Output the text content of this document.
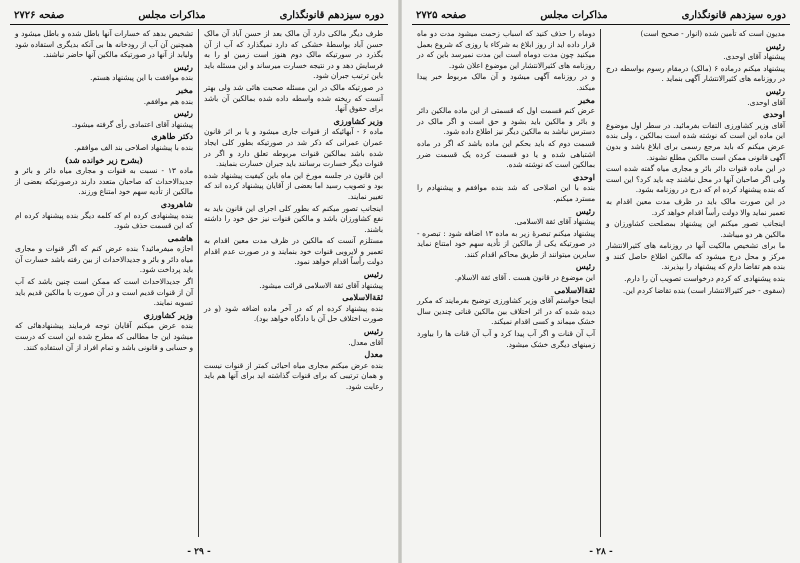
دوره سیزدهم قانونگذاری
مذاکرات مجلس
صفحه ۲۷۲۶

طرف دیگر مالکی دارد آن مالک بعد از حسن آباد آن مالک حسن آباد بواسطهٔ خشکی که دارد نمیگذارد که آب از آن بگذرد در سورتیکه مالک دوم هنوز است زمین او را به فرسایش دهد و در نتیجه خسارت میرساند و این مسئله باید باین ترتیب جبران شود.

در صورتیکه مالک در این مسئله صحبت هائی شد ولی بهتر آنست که ریخته شده واسطه داده شده بمالکین آن باشد برای حقوق آنها.

وزیر کشاورزی

ماده ۶ - آبهائیکه از قنوات جاری میشود و یا بر اثر قانون عمران عمرانی که ذکر شد در صورتیکه بطور کلی ایجاد شده باشد بمالکین قنوات مربوطه تعلق دارد و اگر در قنوات دیگر خسارت برسانند باید جبران خسارت بنمایند.

این قانون در جلسه مورخ این ماه باین کیفیت پیشنهاد شده بود و تصویب رسید اما بعضی از آقایان پیشنهاد کرده اند که تغییر نمایند.

اینجانب تصور میکنم که بطور کلی اجرای این قانون باید به نفع کشاورزان باشد و مالکین قنوات نیز حق خود را داشته باشند.

مستلزم آنست که مالکین در ظرف مدت معین اقدام به تعمیر و لایروبی قنوات خود بنمایند و در صورت عدم اقدام دولت رأساً اقدام خواهد نمود.

رئیس

پیشنهاد آقای ثقة الاسلامی قرائت میشود.

ثقةالاسلامی

بنده پیشنهاد کرده ام که در آخر ماده اضافه شود (و در صورت اختلاف حل آن با دادگاه خواهد بود).

رئیس

آقای معدل.

معدل

بنده عرض میکنم مجاری میاه احیائی کمتر از قنوات نیست و همان ترتیبی که برای قنوات گذاشته اید برای آنها هم باید رعایت شود.

تشخیص بدهد که خسارات آنها باطل شده و باطل میشود و همچنین آن آب از رودخانه ها بی آنکه بدیگری استفاده شود ولیابد از آنها در صورتیکه مالکین آنها حاضر نباشند.

رئیس

بنده موافقت با این پیشنهاد هستم.

مخبر

بنده هم موافقم.

رئیس

پیشنهاد آقای اعتمادی رأی گرفته میشود.

دکتر طاهری

بنده با پیشنهاد اصلاحی بند الف موافقم.

(بشرح زیر خوانده شد)

ماده ۱۳ - نسبت به قنوات و مجاری میاه دائر و بائر و جدیدالاحداث که صاحبان متعدد دارند درصورتیکه بعضی از مالکین از تأدیه سهم خود امتناع ورزند.

شاهرودی

بنده پیشنهادی کرده ام که کلمه دیگر بنده پیشنهاد کرده ام که این قسمت حذف شود.

هاشمی

اجازه میفرمائید؟ بنده عرض کنم که اگر قنوات و مجاری میاه دائر و بائر و جدیدالاحداث از بین رفته باشد خسارت آن باید پرداخت شود.

اگر جدیدالاحداث است که ممکن است چنین باشد که آب آن از قنوات قدیم است و در آن صورت با مالکین قدیم باید تسویه نمایند.

وزیر کشاورزی

بنده عرض میکنم آقایان توجه فرمایند پیشنهادهائی که میشود این جا مطالبی که مطرح شده این است که درست و حسابی و قانونی باشد و تمام افراد از آن استفاده کنند.

- ۲۹ -
دوره سیزدهم قانونگذاری
مذاکرات مجلس
صفحه ۲۷۲۵

مدیون است که تأمین شده (انوار - صحیح است)

رئیس

پیشنهاد آقای اوحدی.

پیشنهاد میکنم درماده ۶ (مالک) درمقام رسوم بواسطه درج در روزنامه های کثیرالانتشار آگهی بنماید .

رئیس

آقای اوحدی.

اوحدی

آقای وزیر کشاورزی التفات بفرمائید. در سطر اول موضوع این ماده این است که نوشته شده است بمالکین ، ولی بنده عرض میکنم که باید مرجع رسمی برای ابلاغ باشد و بدون آگهی قانونی ممکن است مالکین مطلع نشوند.

در این ماده قنوات دائر بائر و مجاری میاه گفته شده است ولی اگر صاحبان آنها در محل نباشند چه باید کرد؟ این است که بنده پیشنهاد کرده ام که درج در روزنامه بشود.

در این صورت مالک باید در ظرف مدت معین اقدام به تعمیر نماید والا دولت رأساً اقدام خواهد کرد.

اینجانب تصور میکنم این پیشنهاد بمصلحت کشاورزان و مالکین هر دو میباشد.

ما برای تشخیص مالکیت آنها در روزنامه های کثیرالانتشار مرکز و محل درج میشود که مالکین اطلاع حاصل کنند و بنده هم تقاضا دارم که پیشنهاد را بپذیرند.

بنده پیشنهادی که کردم درخواست تصویب آن را دارم.

(سقوی - خیر کثیرالانتشار است) بنده تقاضا کردم این.

دوماه را حذف کنید که اسباب زحمت میشود مدت دو ماه قرار داده اید از روز ابلاغ به شرکاء یا روزی که شروع بعمل میکنید چون مدت دوماه است این مدت نمیرسد باین که در روزنامه های کثیرالانتشار این موضوع اعلان شود.

و در روزنامه آگهی میشود و آن مالک مربوط خبر پیدا میکند.

مخبر

عرض کنم قسمت اول که قسمتی از این ماده مالکین دائر و بائر و مالکین باید بشود و حق است و اگر مالک در دسترس نباشد به مالکین دیگر نیز اطلاع داده شود.

قسمت دوم که باید بحکم این ماده باشد که اگر در ماده اشتباهی شده و یا دو قسمت کرده یک قسمت ضرر بمالکین است که نوشته شده.

اوحدی

بنده با این اصلاحی که شد بنده موافقم و پیشنهادم را مسترد میکنم.

رئیس

پیشنهاد آقای ثقة الاسلامی.

پیشنهاد میکنم تبصرهٔ زیر به ماده ۱۳ اضافه شود : تبصره - در صورتیکه یکی از مالکین از تأدیه سهم خود امتناع نماید سایرین میتوانند از طریق محاکم اقدام کنند.

رئیس

این موضوع در قانون هست . آقای ثقة الاسلام.

ثقةالاسلامی

اینجا خواستم آقای وزیر کشاورزی توضیح بفرمایند که مکرر دیده شده که در اثر اختلاف بین مالکین قناتی چندین سال خشک میماند و کسی اقدام نمیکند.

آب آن قنات و اگر آب پیدا کرد و آب آن قنات ها را بیاورد زمینهای دیگری خشک میشود.

- ۲۸ -
